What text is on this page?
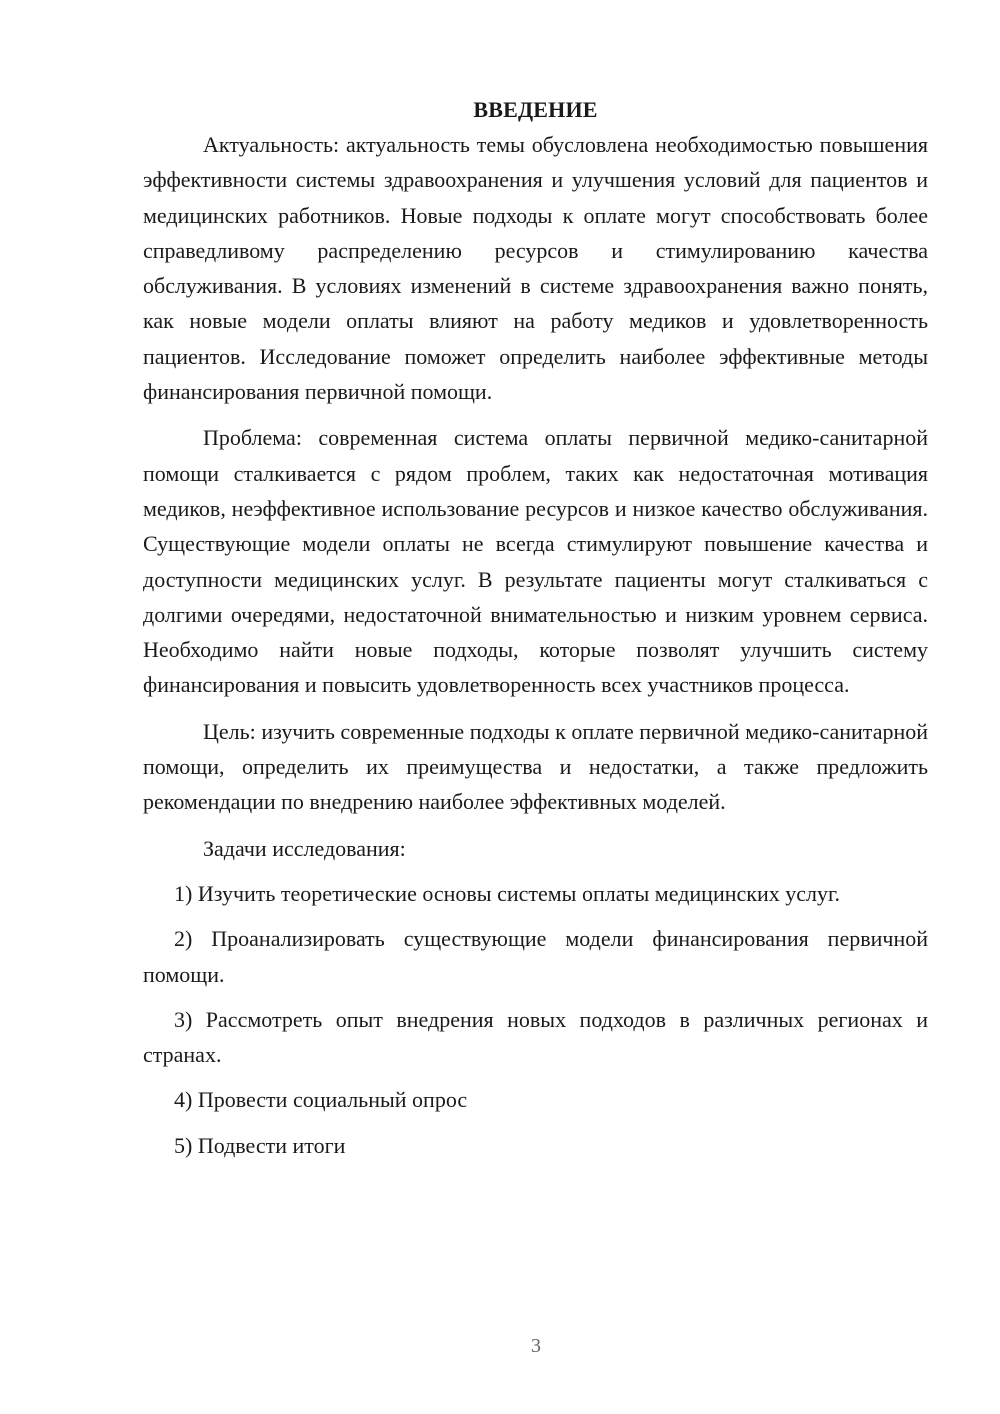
ВВЕДЕНИЕ

Актуальность: актуальность темы обусловлена необходимостью повышения эффективности системы здравоохранения и улучшения условий для пациентов и медицинских работников. Новые подходы к оплате могут способствовать более справедливому распределению ресурсов и стимулированию качества обслуживания. В условиях изменений в системе здравоохранения важно понять, как новые модели оплаты влияют на работу медиков и удовлетворенность пациентов. Исследование поможет определить наиболее эффективные методы финансирования первичной помощи.

Проблема: современная система оплаты первичной медико-санитарной помощи сталкивается с рядом проблем, таких как недостаточная мотивация медиков, неэффективное использование ресурсов и низкое качество обслуживания. Существующие модели оплаты не всегда стимулируют повышение качества и доступности медицинских услуг. В результате пациенты могут сталкиваться с долгими очередями, недостаточной внимательностью и низким уровнем сервиса. Необходимо найти новые подходы, которые позволят улучшить систему финансирования и повысить удовлетворенность всех участников процесса.

Цель: изучить современные подходы к оплате первичной медико-санитарной помощи, определить их преимущества и недостатки, а также предложить рекомендации по внедрению наиболее эффективных моделей.

Задачи исследования:

1) Изучить теоретические основы системы оплаты медицинских услуг.

2) Проанализировать существующие модели финансирования первичной помощи.

3) Рассмотреть опыт внедрения новых подходов в различных регионах и странах.

4) Провести социальный опрос

5) Подвести итоги

3
